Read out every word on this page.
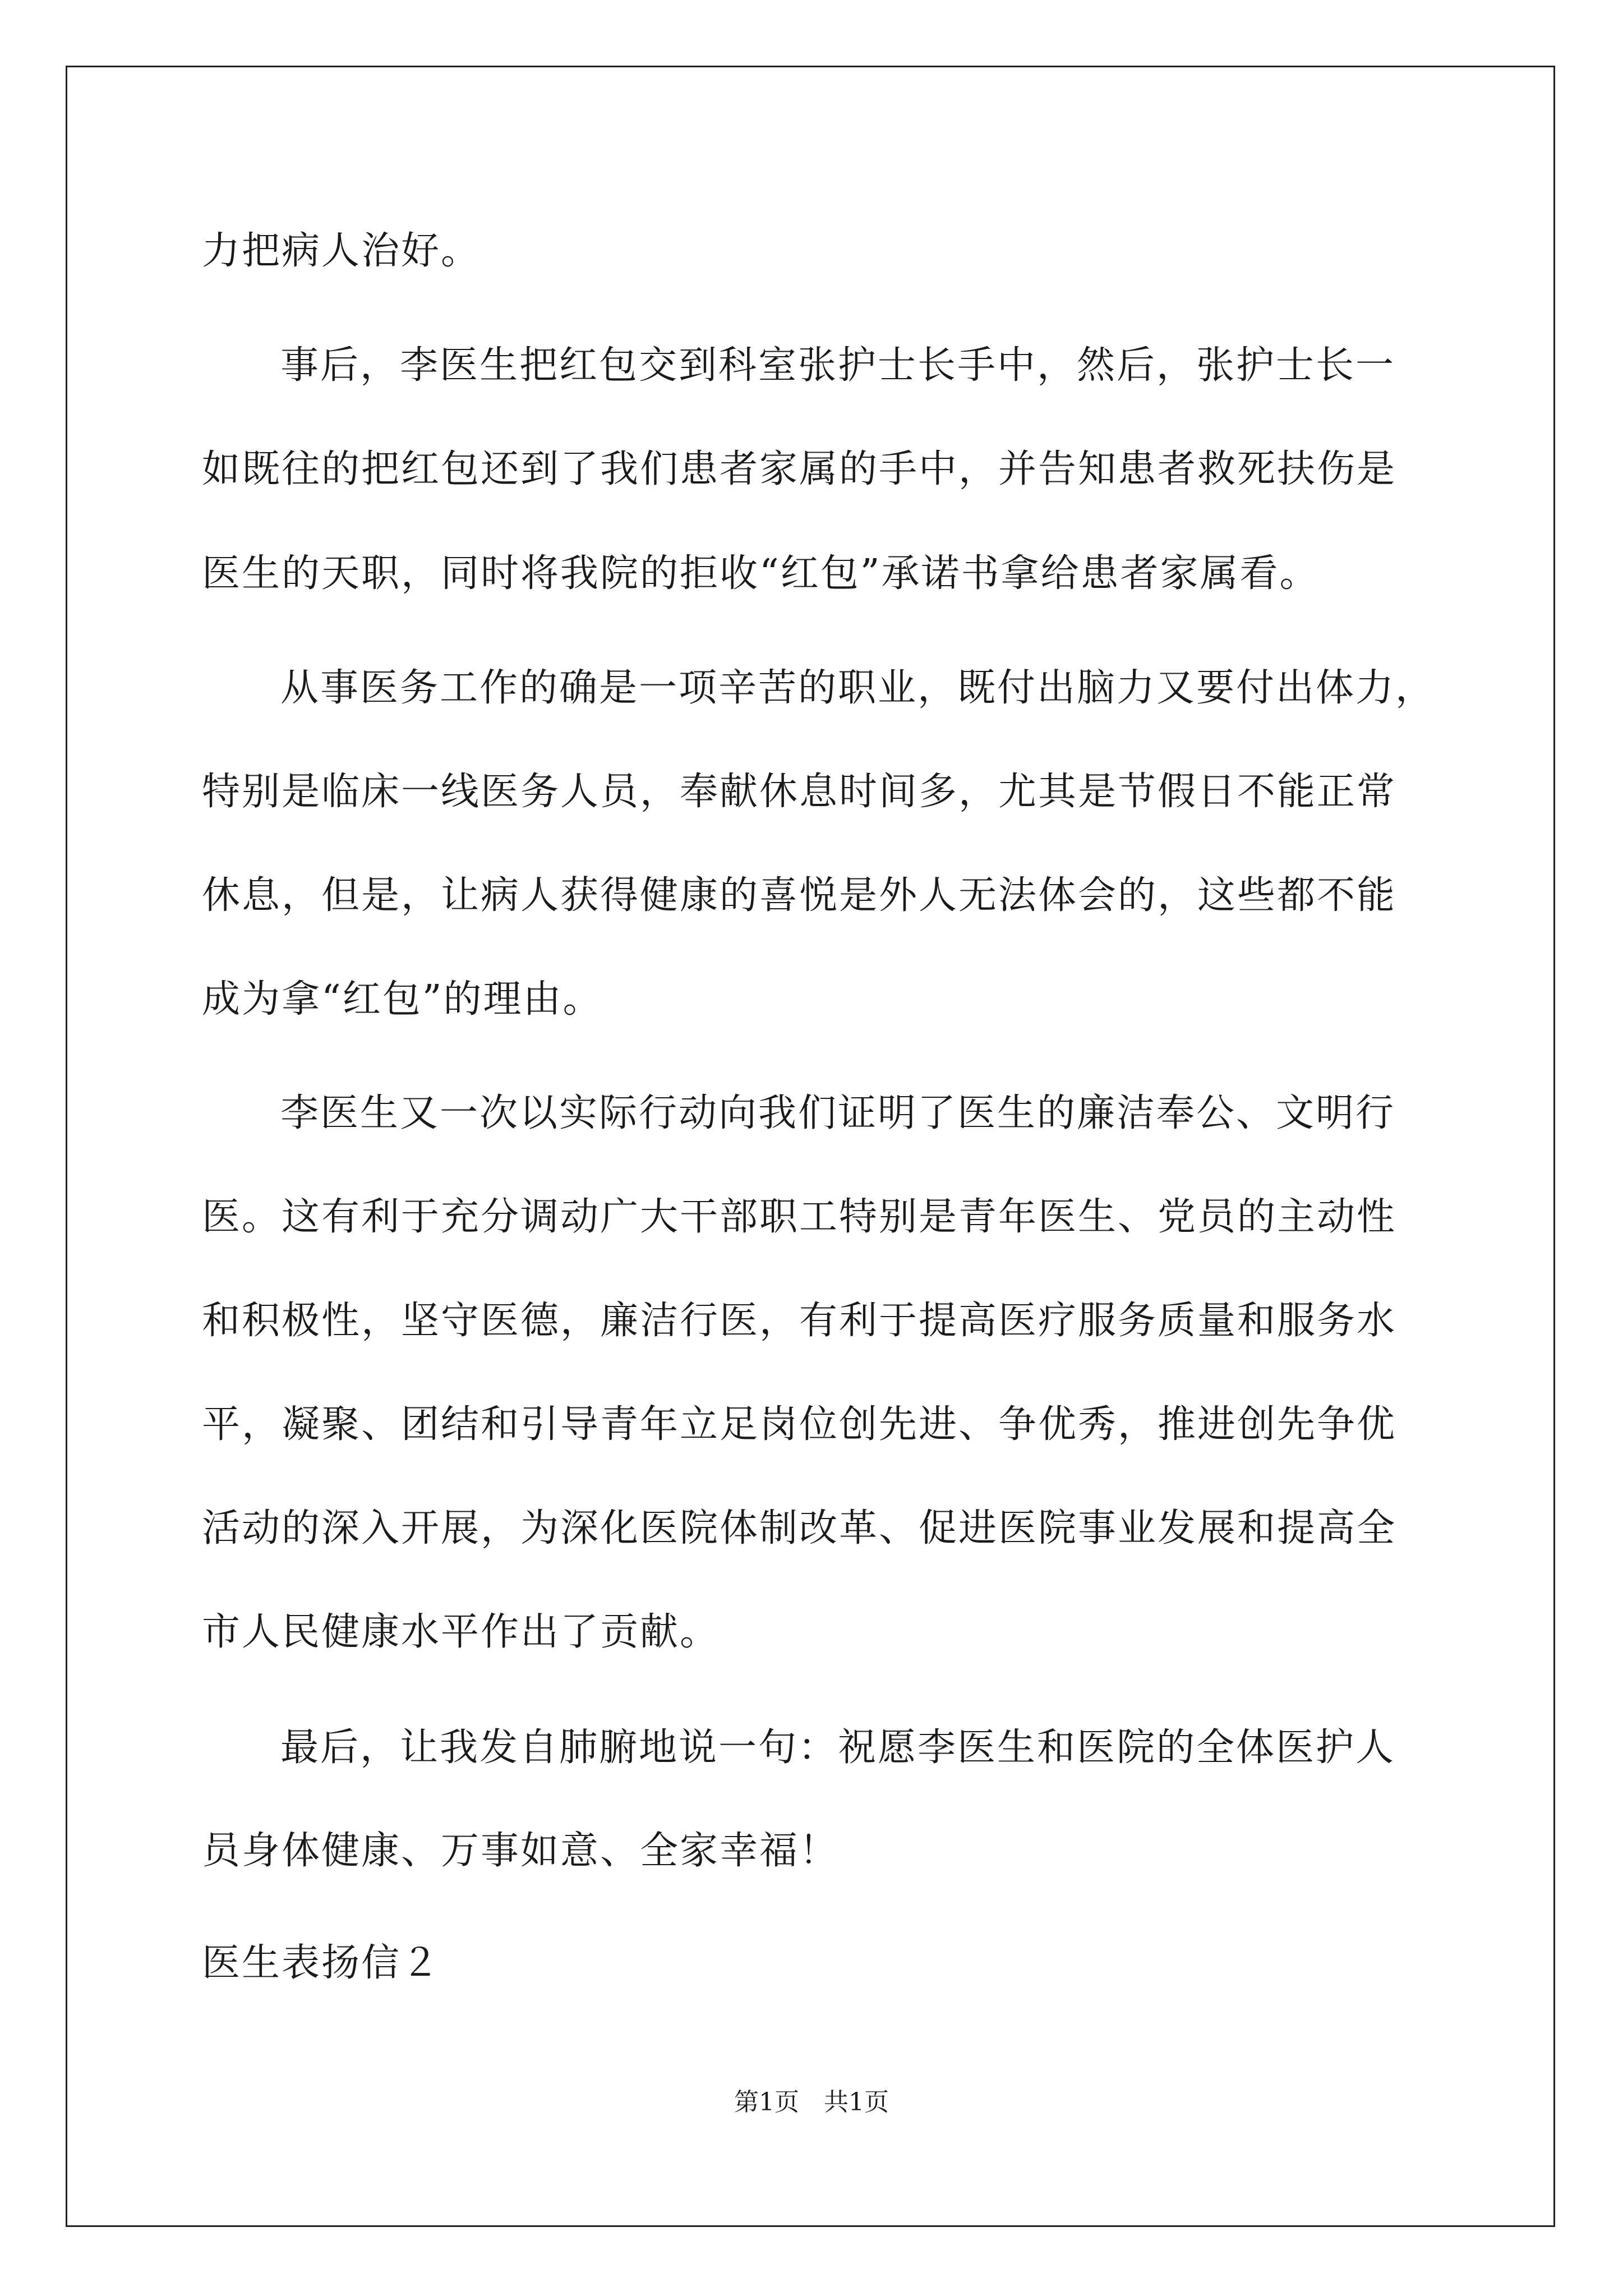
力把病人治好。
事后，李医生把红包交到科室张护士长手中，然后，张护士长一
如既往的把红包还到了我们患者家属的手中，并告知患者救死扶伤是
医生的天职，同时将我院的拒收“红包”承诺书拿给患者家属看。
从事医务工作的确是一项辛苦的职业，既付出脑力又要付出体力，
特别是临床一线医务人员，奉献休息时间多，尤其是节假日不能正常
休息，但是，让病人获得健康的喜悦是外人无法体会的，这些都不能
成为拿“红包”的理由。
李医生又一次以实际行动向我们证明了医生的廉洁奉公、文明行
医。这有利于充分调动广大干部职工特别是青年医生、党员的主动性
和积极性，坚守医德，廉洁行医，有利于提高医疗服务质量和服务水
平，凝聚、团结和引导青年立足岗位创先进、争优秀，推进创先争优
活动的深入开展，为深化医院体制改革、促进医院事业发展和提高全
市人民健康水平作出了贡献。
最后，让我发自肺腑地说一句：祝愿李医生和医院的全体医护人
员身体健康、万事如意、全家幸福！
医生表扬信２
第1页　共1页
